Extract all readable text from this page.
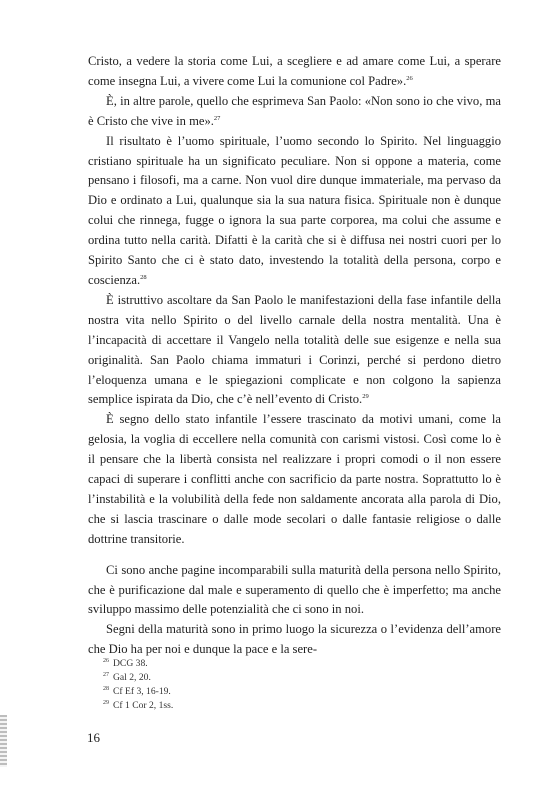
Cristo, a vedere la storia come Lui, a scegliere e ad amare come Lui, a sperare come insegna Lui, a vivere come Lui la comunione col Padre».$^{26}$

È, in altre parole, quello che esprimeva San Paolo: «Non sono io che vivo, ma è Cristo che vive in me».$^{27}$

Il risultato è l’uomo spirituale, l’uomo secondo lo Spirito. Nel linguaggio cristiano spirituale ha un significato peculiare. Non si oppone a materia, come pensano i filosofi, ma a carne. Non vuol dire dunque immateriale, ma pervaso da Dio e ordinato a Lui, qualunque sia la sua natura fisica. Spirituale non è dunque colui che rinnega, fugge o ignora la sua parte corporea, ma colui che assume e ordina tutto nella carità. Difatti è la carità che si è diffusa nei nostri cuori per lo Spirito Santo che ci è stato dato, investendo la totalità della persona, corpo e coscienza.$^{28}$

È istruttivo ascoltare da San Paolo le manifestazioni della fase infantile della nostra vita nello Spirito o del livello carnale della nostra mentalità. Una è l’incapacità di accettare il Vangelo nella totalità delle sue esigenze e nella sua originalità. San Paolo chiama immaturi i Corinzi, perché si perdono dietro l’eloquenza umana e le spiegazioni complicate e non colgono la sapienza semplice ispirata da Dio, che c’è nell’evento di Cristo.$^{29}$

È segno dello stato infantile l’essere trascinato da motivi umani, come la gelosia, la voglia di eccellere nella comunità con carismi vistosi. Così come lo è il pensare che la libertà consista nel realizzare i propri comodi o il non essere capaci di superare i conflitti anche con sacrificio da parte nostra. Soprattutto lo è l’instabilità e la volubilità della fede non saldamente ancorata alla parola di Dio, che si lascia trascinare o dalle mode secolari o dalle fantasie religiose o dalle dottrine transitorie.

Ci sono anche pagine incomparabili sulla maturità della persona nello Spirito, che è purificazione dal male e superamento di quello che è imperfetto; ma anche sviluppo massimo delle potenzialità che ci sono in noi.

Segni della maturità sono in primo luogo la sicurezza o l’evidenza dell’amore che Dio ha per noi e dunque la pace e la sere-

$^{26}$ DCG 38.
$^{27}$ Gal 2, 20.
$^{28}$ Cf Ef 3, 16-19.
$^{29}$ Cf 1 Cor 2, 1ss.
16
